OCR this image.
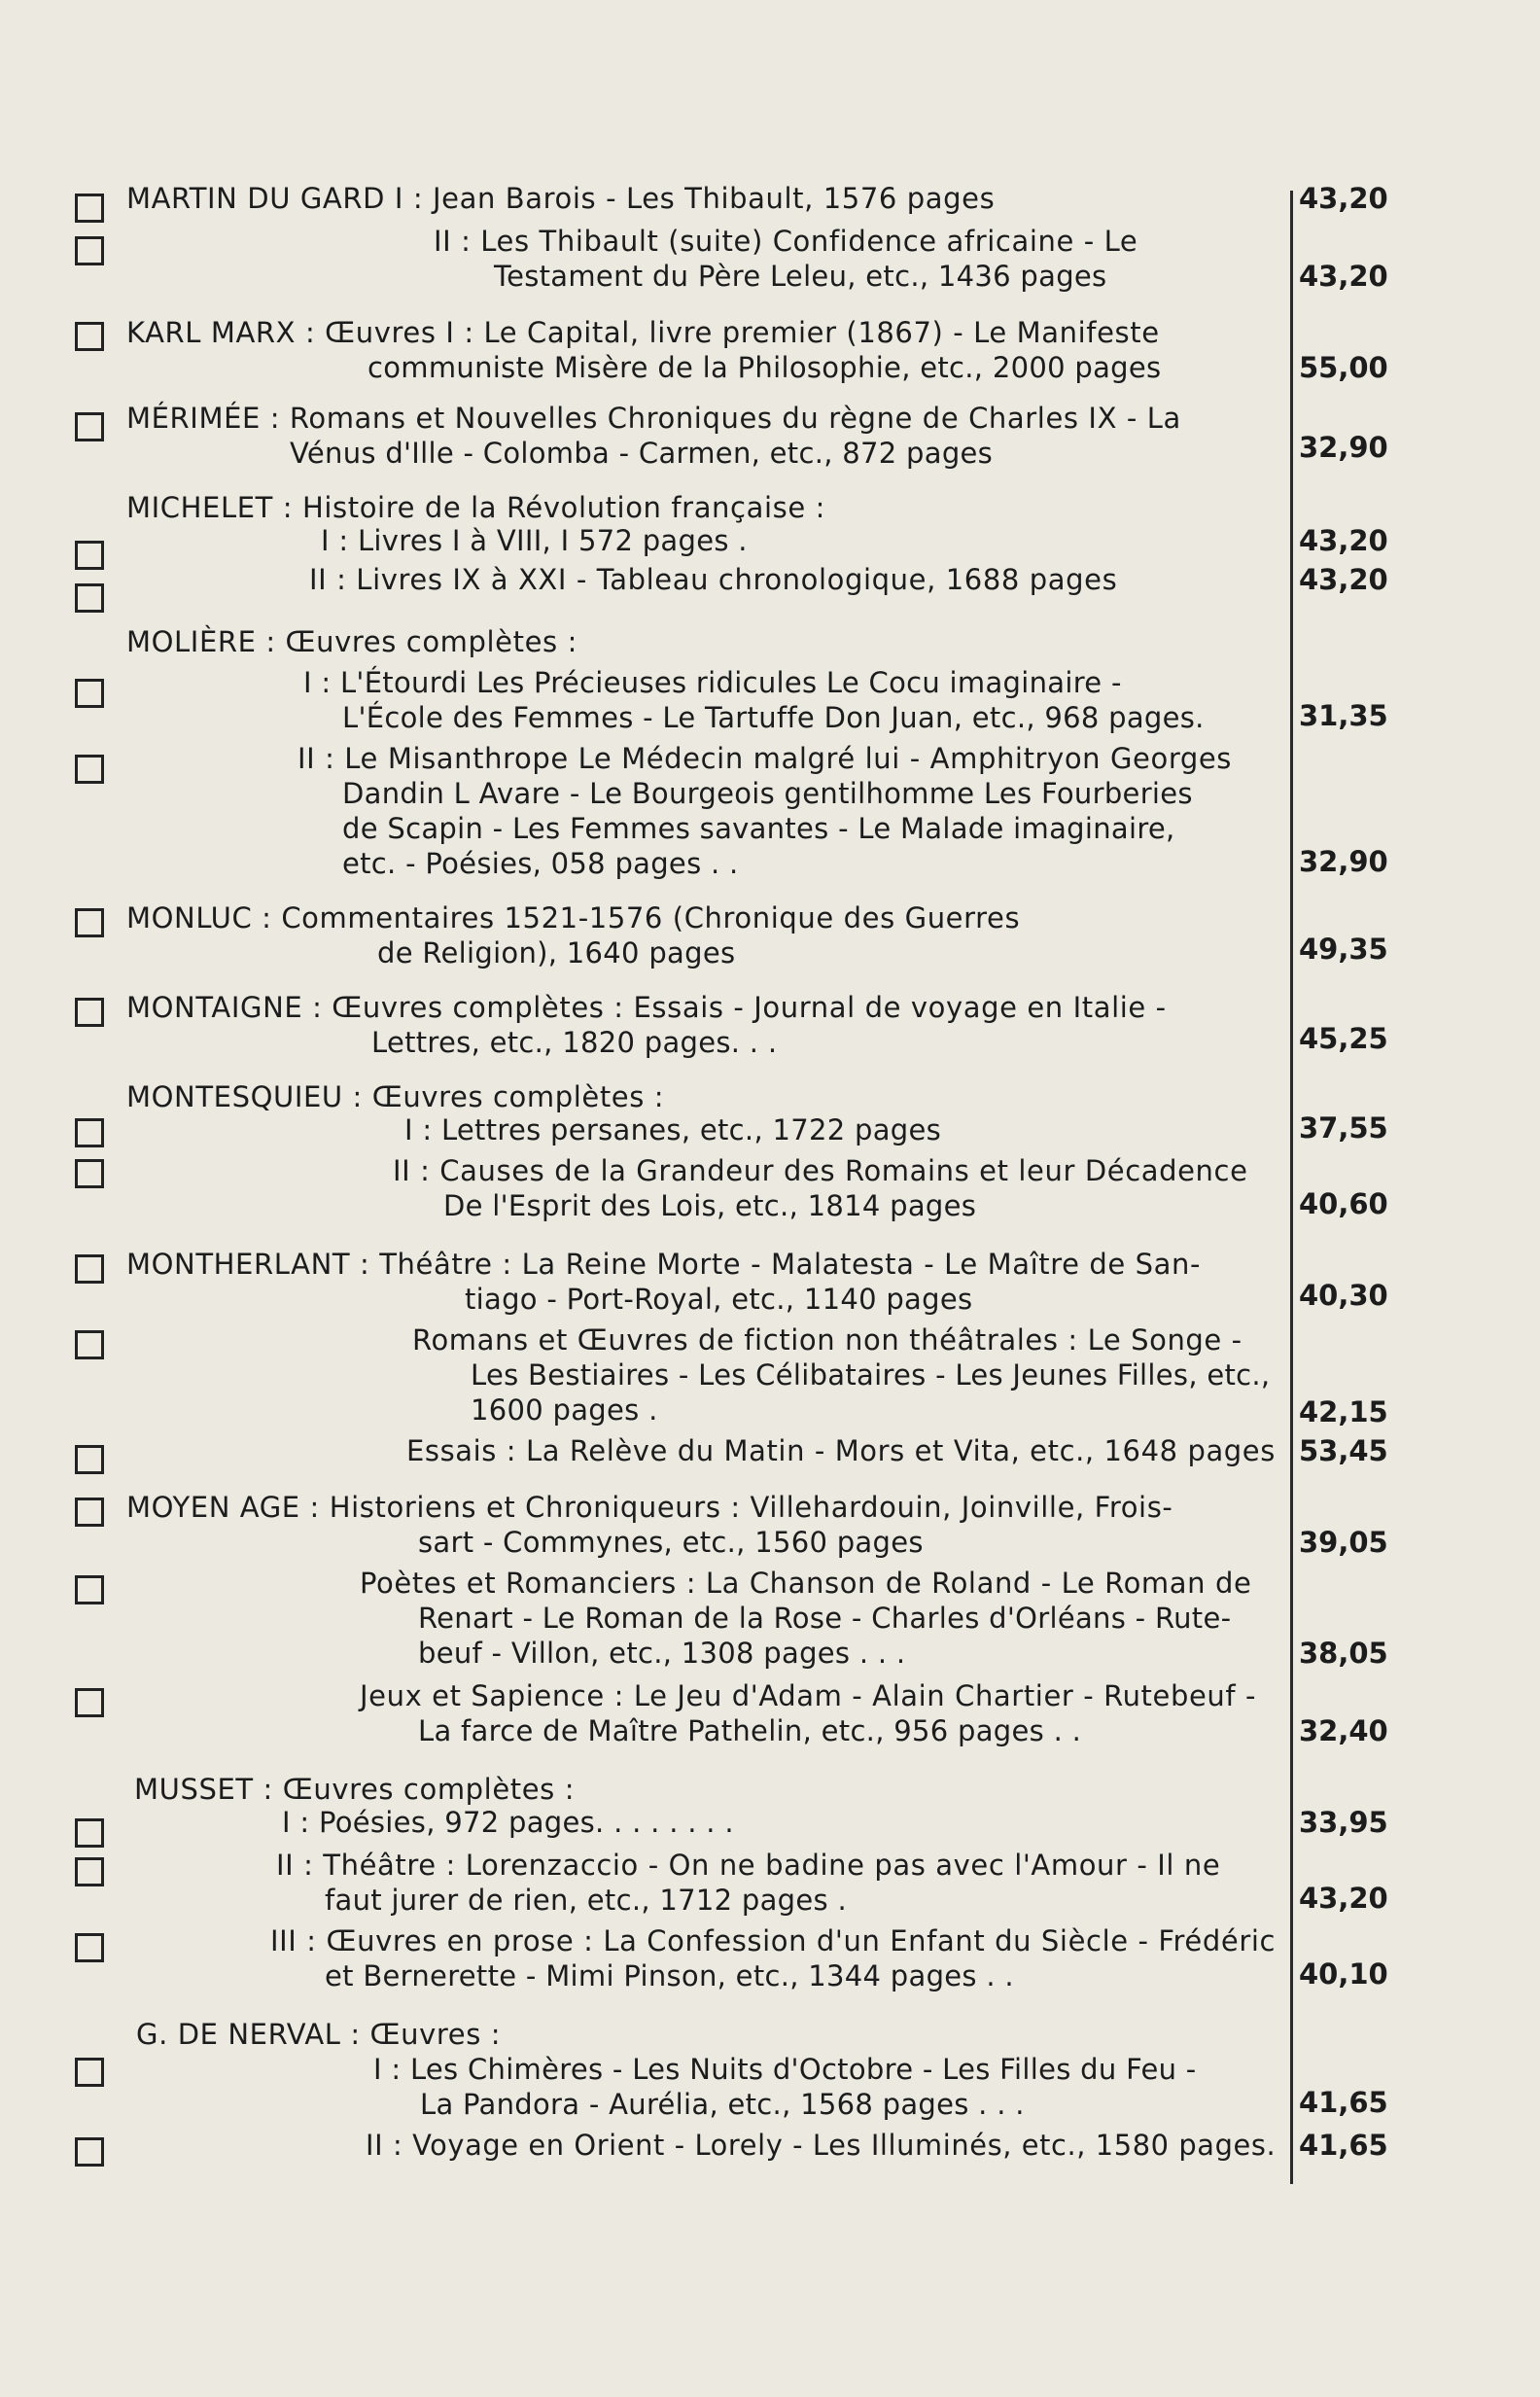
MARTIN DU GARD I : Jean Barois - Les Thibault, 1576 pages
II : Les Thibault (suite) Confidence africaine - Le
Testament du Père Leleu, etc., 1436 pages
KARL MARX : Œuvres I : Le Capital, livre premier (1867) - Le Manifeste
communiste Misère de la Philosophie, etc., 2000 pages
MÉRIMÉE : Romans et Nouvelles Chroniques du règne de Charles IX - La
Vénus d'Ille - Colomba - Carmen, etc., 872 pages
MICHELET : Histoire de la Révolution française :
I : Livres I à VIII, I 572 pages .
II : Livres IX à XXI - Tableau chronologique, 1688 pages
MOLIÈRE : Œuvres complètes :
I : L'Étourdi Les Précieuses ridicules Le Cocu imaginaire -
L'École des Femmes - Le Tartuffe Don Juan, etc., 968 pages.
II : Le Misanthrope Le Médecin malgré lui - Amphitryon Georges
Dandin L Avare - Le Bourgeois gentilhomme Les Fourberies
de Scapin - Les Femmes savantes - Le Malade imaginaire,
etc. - Poésies, 058 pages . .
MONLUC : Commentaires 1521-1576 (Chronique des Guerres
de Religion), 1640 pages
MONTAIGNE : Œuvres complètes : Essais - Journal de voyage en Italie -
Lettres, etc., 1820 pages. . .
MONTESQUIEU : Œuvres complètes :
I : Lettres persanes, etc., 1722 pages
II : Causes de la Grandeur des Romains et leur Décadence
De l'Esprit des Lois, etc., 1814 pages
MONTHERLANT : Théâtre : La Reine Morte - Malatesta - Le Maître de San-
tiago - Port-Royal, etc., 1140 pages
Romans et Œuvres de fiction non théâtrales : Le Songe -
Les Bestiaires - Les Célibataires - Les Jeunes Filles, etc.,
1600 pages .
Essais : La Relève du Matin - Mors et Vita, etc., 1648 pages
MOYEN AGE : Historiens et Chroniqueurs : Villehardouin, Joinville, Frois-
sart - Commynes, etc., 1560 pages
Poètes et Romanciers : La Chanson de Roland - Le Roman de
Renart - Le Roman de la Rose - Charles d'Orléans - Rute-
beuf - Villon, etc., 1308 pages . . .
Jeux et Sapience : Le Jeu d'Adam - Alain Chartier - Rutebeuf -
La farce de Maître Pathelin, etc., 956 pages . .
MUSSET : Œuvres complètes :
I : Poésies, 972 pages. . . . . . . .
II : Théâtre : Lorenzaccio - On ne badine pas avec l'Amour - Il ne
faut jurer de rien, etc., 1712 pages .
III : Œuvres en prose : La Confession d'un Enfant du Siècle - Frédéric
et Bernerette - Mimi Pinson, etc., 1344 pages . .
G. DE NERVAL : Œuvres :
I : Les Chimères - Les Nuits d'Octobre - Les Filles du Feu -
La Pandora - Aurélia, etc., 1568 pages . . .
II : Voyage en Orient - Lorely - Les Illuminés, etc., 1580 pages.
43,20
43,20
55,00
32,90
43,20
43,20
31,35
32,90
49,35
45,25
37,55
40,60
40,30
42,15
53,45
39,05
38,05
32,40
33,95
43,20
40,10
41,65
41,65
